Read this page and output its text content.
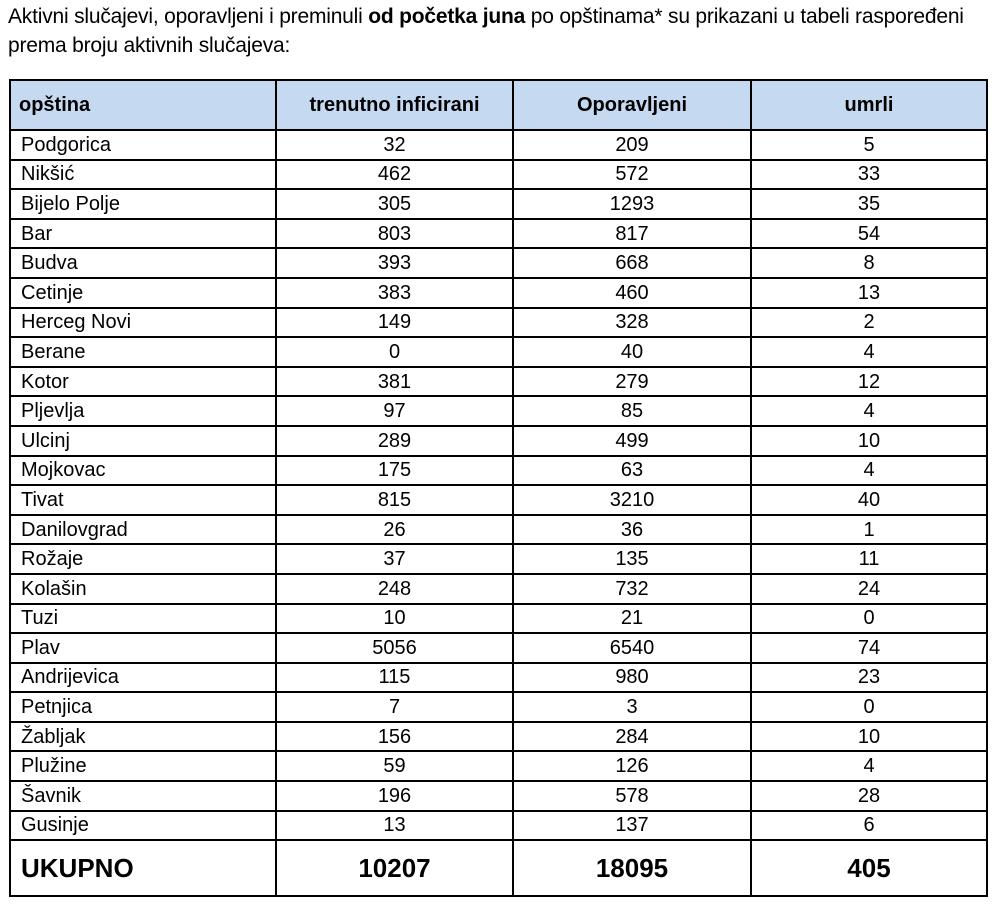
Aktivni slučajevi, oporavljeni i preminuli od početka juna po opštinama* su prikazani u tabeli raspoređeni prema broju aktivnih slučajeva:

opština	trenutno inficirani	Oporavljeni	umrli
Podgorica	32	209	5
Nikšić	462	572	33
Bijelo Polje	305	1293	35
Bar	803	817	54
Budva	393	668	8
Cetinje	383	460	13
Herceg Novi	149	328	2
Berane	0	40	4
Kotor	381	279	12
Pljevlja	97	85	4
Ulcinj	289	499	10
Mojkovac	175	63	4
Tivat	815	3210	40
Danilovgrad	26	36	1
Rožaje	37	135	11
Kolašin	248	732	24
Tuzi	10	21	0
Plav	5056	6540	74
Andrijevica	115	980	23
Petnjica	7	3	0
Žabljak	156	284	10
Plužine	59	126	4
Šavnik	196	578	28
Gusinje	13	137	6
UKUPNO	10207	18095	405
